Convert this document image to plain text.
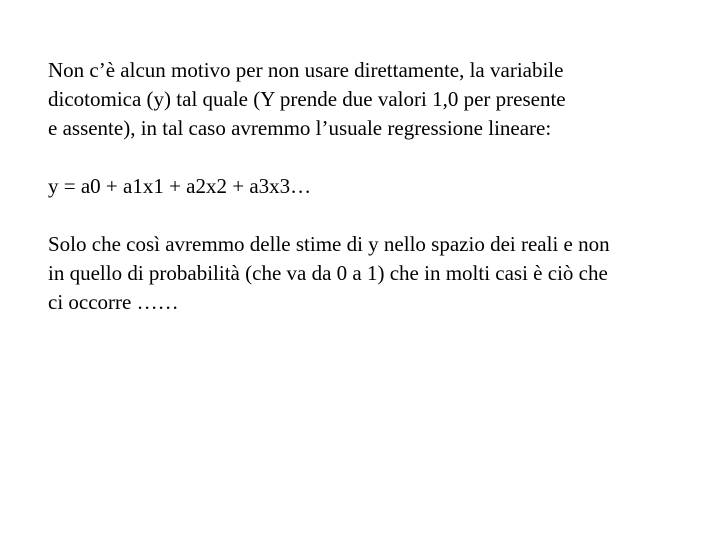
Non c’è alcun motivo per non usare direttamente, la variabile
dicotomica (y) tal quale (Y prende due valori 1,0 per presente
e assente), in tal caso avremmo l’usuale regressione lineare:

y = a0 + a1x1 + a2x2 + a3x3…

Solo che così avremmo delle stime di y nello spazio dei reali e non
in quello di probabilità (che va da 0 a 1) che in molti casi è ciò che
ci occorre ……
